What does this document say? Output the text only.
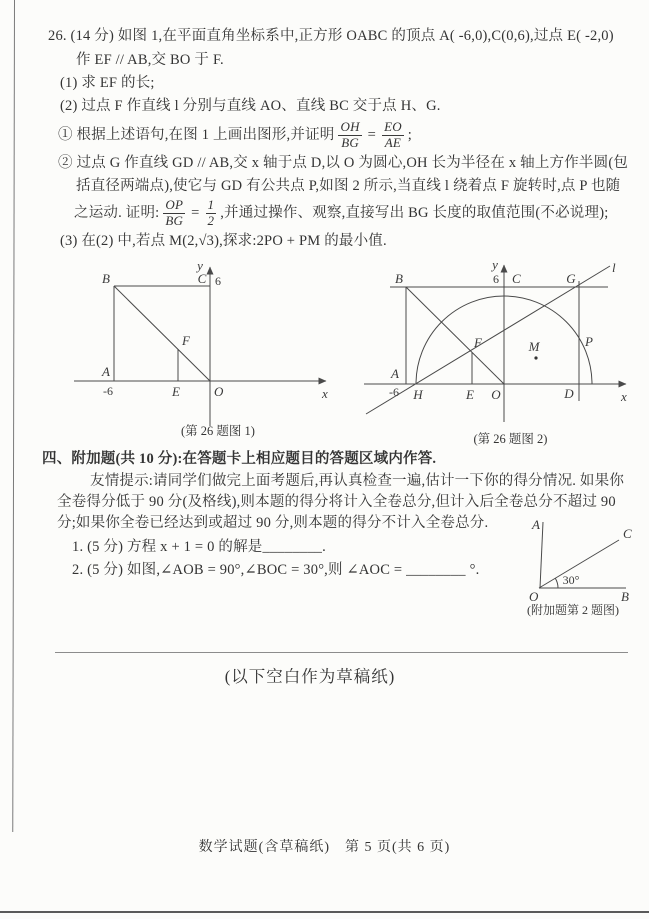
26. (14 分) 如图 1,在平面直角坐标系中,正方形 OABC 的顶点 A( -6,0),C(0,6),过点 E( -2,0)
作 EF // AB,交 BO 于 F.
(1) 求 EF 的长;
(2) 过点 F 作直线 l 分别与直线 AO、直线 BC 交于点 H、G.
① 根据上述语句,在图 1 上画出图形,并证明 $\frac{OH}{BG} = \frac{EO}{AE}$ ;
② 过点 G 作直线 GD // AB,交 x 轴于点 D,以 O 为圆心,OH 长为半径在 x 轴上方作半圆(包
括直径两端点),使它与 GD 有公共点 P,如图 2 所示,当直线 l 绕着点 F 旋转时,点 P 也随
之运动. 证明: $\frac{OP}{BG} = \frac{1}{2}$ ,并通过操作、观察,直接写出 BG 长度的取值范围(不必说理);
(3) 在(2) 中,若点 M(2,√3),探求:2PO + PM 的最小值.
y
x
B	C 6
A
-6
F
E	O
(第 26 题图 1)
y
x
B	6 C	G
l
A
-6 H	E O	D
P
M
F
(第 26 题图 2)
四、附加题(共 10 分):在答题卡上相应题目的答题区域内作答.
友情提示:请同学们做完上面考题后,再认真检查一遍,估计一下你的得分情况. 如果你
全卷得分低于 90 分(及格线),则本题的得分将计入全卷总分,但计入后全卷总分不超过 90
分;如果你全卷已经达到或超过 90 分,则本题的得分不计入全卷总分.
1. (5 分) 方程 x + 1 = 0 的解是________.
2. (5 分) 如图,∠AOB = 90°,∠BOC = 30°,则 ∠AOC = ________ °.
A
B
C
O
30°
(附加题第 2 题图)
(以下空白作为草稿纸)
数学试题(含草稿纸)　第 5 页(共 6 页)
